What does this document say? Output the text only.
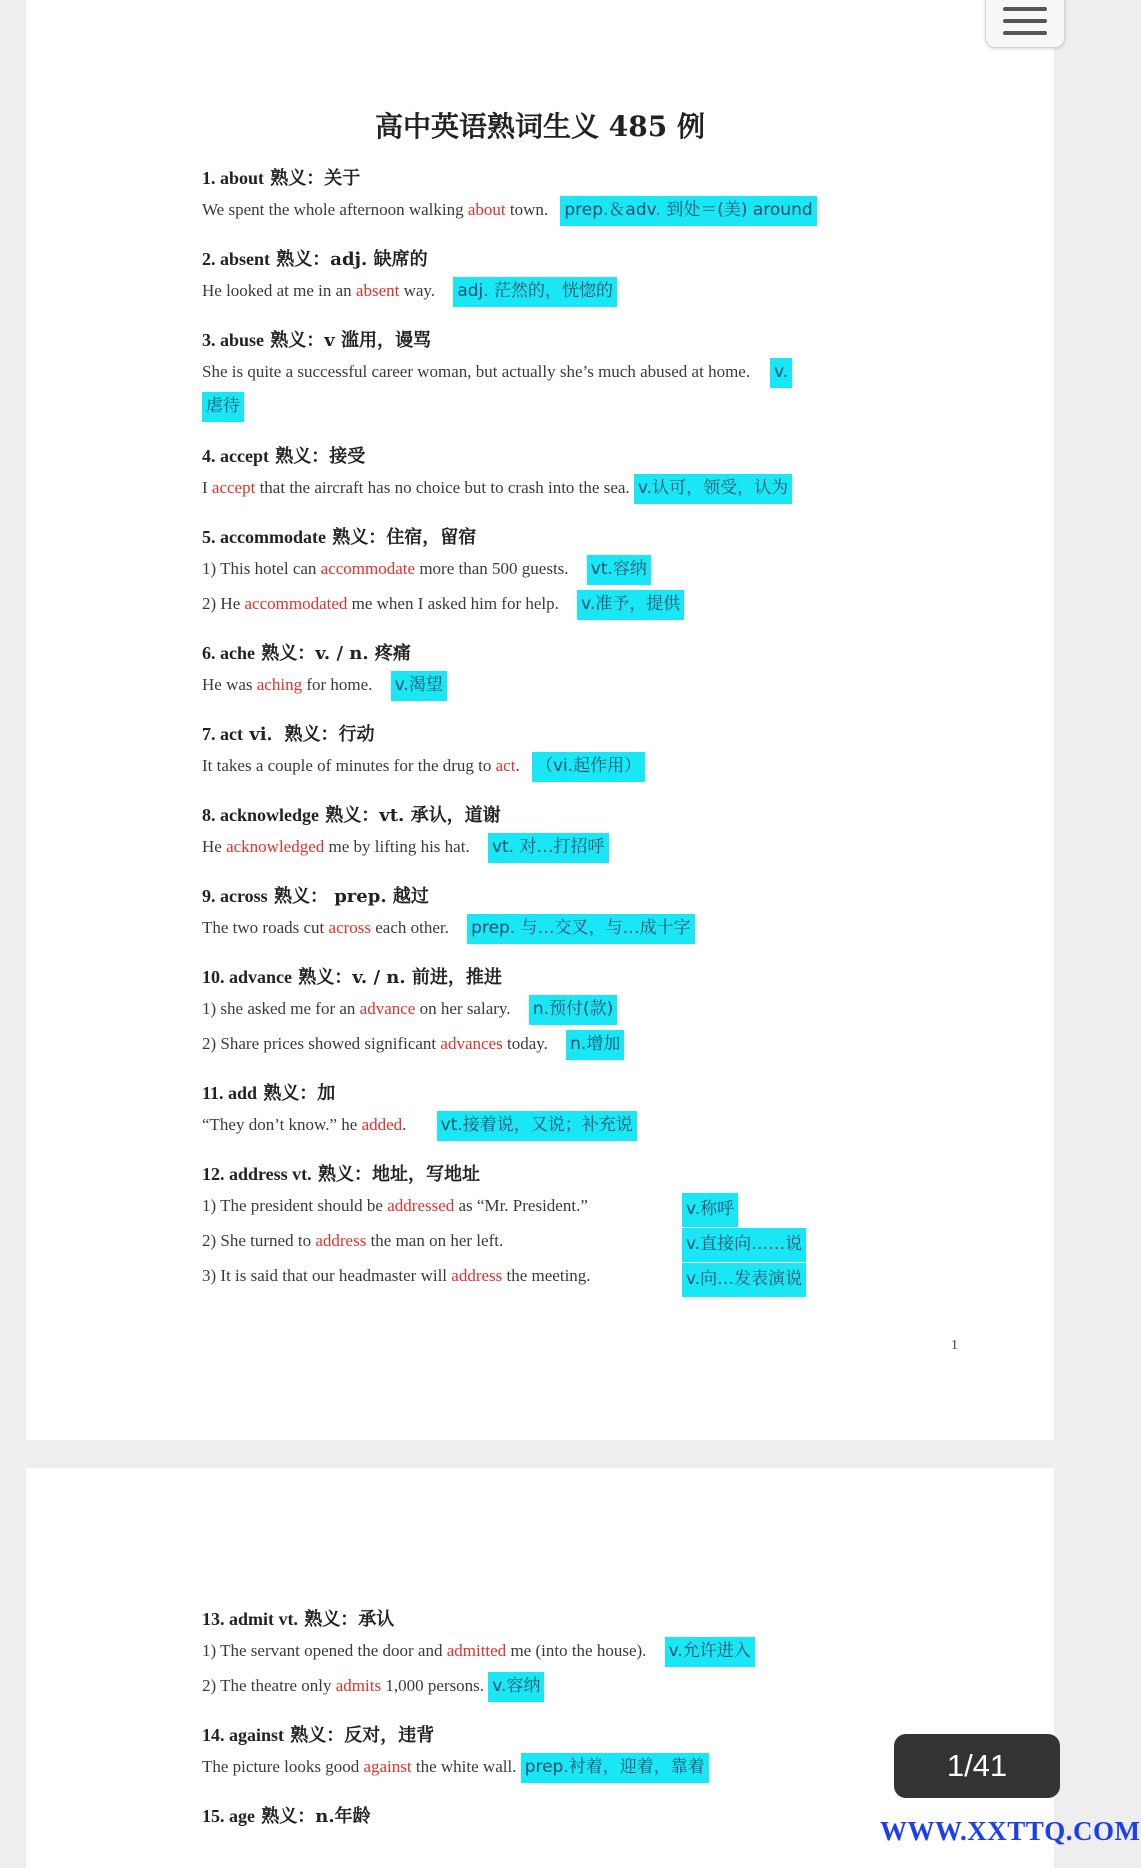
高中英语熟词生义 485 例
1. about 熟义：关于
We spent the whole afternoon walking about town. prep.＆adv. 到处＝(美) around
2. absent 熟义：adj. 缺席的
He looked at me in an absent way. adj. 茫然的，恍惚的
3. abuse 熟义：v 滥用，谩骂
She is quite a successful career woman, but actually she’s much abused at home. v.
虐待
4. accept 熟义：接受
I accept that the aircraft has no choice but to crash into the sea. v.认可，领受，认为
5. accommodate 熟义：住宿，留宿
1) This hotel can accommodate more than 500 guests. vt.容纳
2) He accommodated me when I asked him for help. v.准予，提供
6. ache 熟义：v. / n. 疼痛
He was aching for home. v.渴望
7. act vi．熟义：行动
It takes a couple of minutes for the drug to act. （vi.起作用）
8. acknowledge 熟义：vt. 承认，道谢
He acknowledged me by lifting his hat. vt. 对…打招呼
9. across 熟义： prep. 越过
The two roads cut across each other. prep. 与…交叉，与…成十字
10. advance 熟义：v. / n. 前进，推进
1) she asked me for an advance on her salary. n.预付(款)
2) Share prices showed significant advances today. n.增加
11. add 熟义：加
“They don’t know.” he added. vt.接着说，又说；补充说
12. address vt. 熟义：地址，写地址
1) The president should be addressed as “Mr. President.”	v.称呼
2) She turned to address the man on her left.	v.直接向……说
3) It is said that our headmaster will address the meeting.	v.向…发表演说
1
13. admit vt. 熟义：承认
1) The servant opened the door and admitted me (into the house). v.允许进入
2) The theatre only admits 1,000 persons. v.容纳
14. against 熟义：反对，违背
The picture looks good against the white wall. prep.衬着，迎着，靠着
15. age 熟义：n.年龄
1/41
WWW.XXTTQ.COM
